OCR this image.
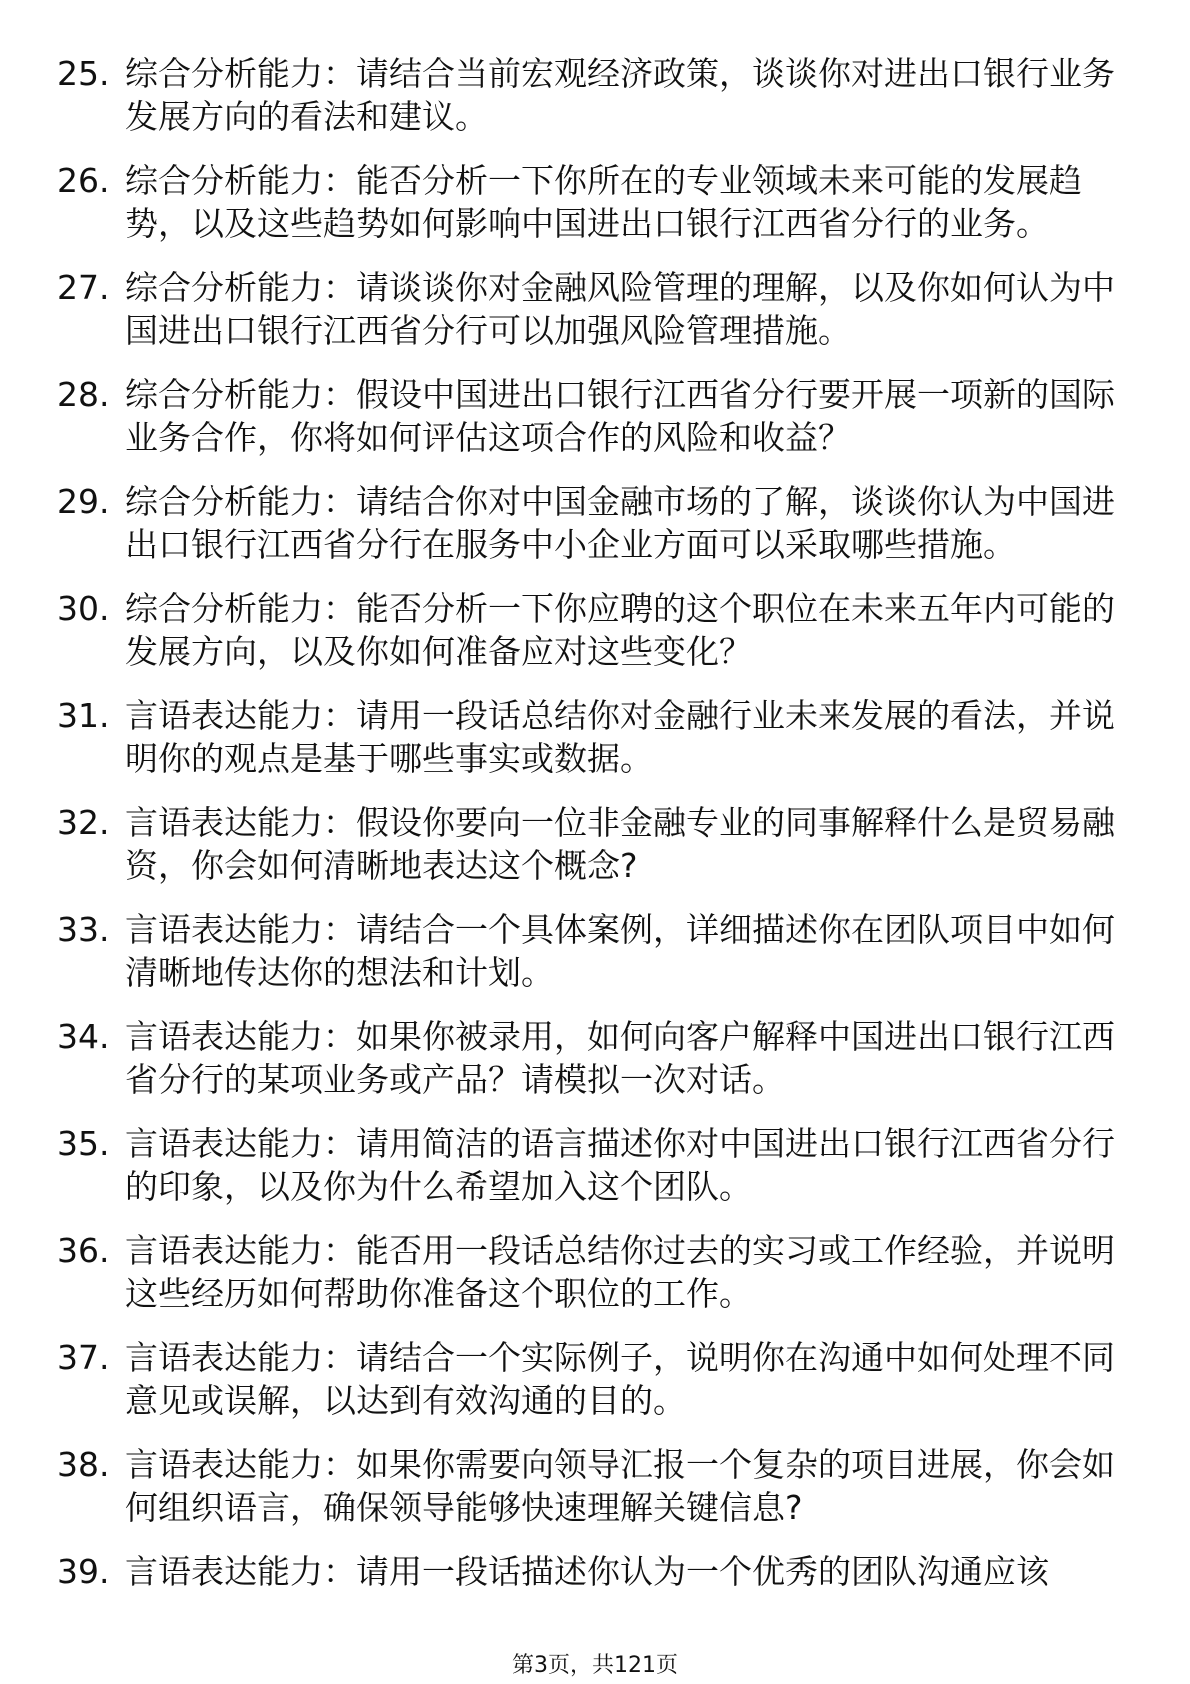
25. 综合分析能力：请结合当前宏观经济政策，谈谈你对进出口银行业务发展方向的看法和建议。
26. 综合分析能力：能否分析一下你所在的专业领域未来可能的发展趋势，以及这些趋势如何影响中国进出口银行江西省分行的业务。
27. 综合分析能力：请谈谈你对金融风险管理的理解，以及你如何认为中国进出口银行江西省分行可以加强风险管理措施。
28. 综合分析能力：假设中国进出口银行江西省分行要开展一项新的国际业务合作，你将如何评估这项合作的风险和收益？
29. 综合分析能力：请结合你对中国金融市场的了解，谈谈你认为中国进出口银行江西省分行在服务中小企业方面可以采取哪些措施。
30. 综合分析能力：能否分析一下你应聘的这个职位在未来五年内可能的发展方向，以及你如何准备应对这些变化？
31. 言语表达能力：请用一段话总结你对金融行业未来发展的看法，并说明你的观点是基于哪些事实或数据。
32. 言语表达能力：假设你要向一位非金融专业的同事解释什么是贸易融资，你会如何清晰地表达这个概念?
33. 言语表达能力：请结合一个具体案例，详细描述你在团队项目中如何清晰地传达你的想法和计划。
34. 言语表达能力：如果你被录用，如何向客户解释中国进出口银行江西省分行的某项业务或产品？请模拟一次对话。
35. 言语表达能力：请用简洁的语言描述你对中国进出口银行江西省分行的印象，以及你为什么希望加入这个团队。
36. 言语表达能力：能否用一段话总结你过去的实习或工作经验，并说明这些经历如何帮助你准备这个职位的工作。
37. 言语表达能力：请结合一个实际例子，说明你在沟通中如何处理不同意见或误解，以达到有效沟通的目的。
38. 言语表达能力：如果你需要向领导汇报一个复杂的项目进展，你会如何组织语言，确保领导能够快速理解关键信息?
39. 言语表达能力：请用一段话描述你认为一个优秀的团队沟通应该
第3页，共121页
